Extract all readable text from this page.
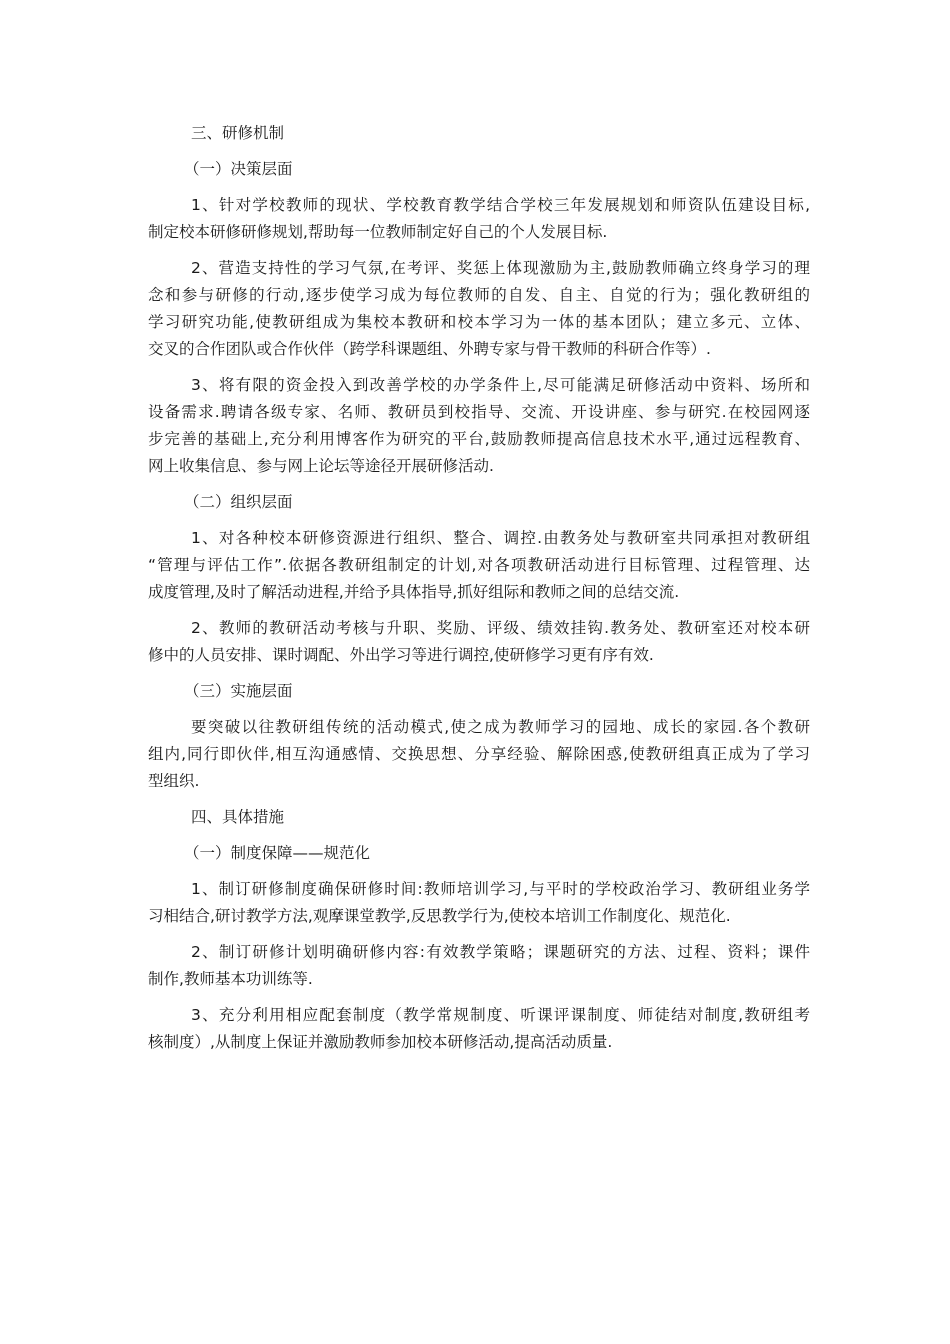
三、研修机制

（一）决策层面

1、针对学校教师的现状、学校教育教学结合学校三年发展规划和师资队伍建设目标,

制定校本研修研修规划,帮助每一位教师制定好自己的个人发展目标.

2、营造支持性的学习气氛,在考评、奖惩上体现激励为主,鼓励教师确立终身学习的理

念和参与研修的行动,逐步使学习成为每位教师的自发、自主、自觉的行为；强化教研组的

学习研究功能,使教研组成为集校本教研和校本学习为一体的基本团队；建立多元、立体、

交叉的合作团队或合作伙伴（跨学科课题组、外聘专家与骨干教师的科研合作等）.

3、将有限的资金投入到改善学校的办学条件上,尽可能满足研修活动中资料、场所和

设备需求.聘请各级专家、名师、教研员到校指导、交流、开设讲座、参与研究.在校园网逐

步完善的基础上,充分利用博客作为研究的平台,鼓励教师提高信息技术水平,通过远程教育、

网上收集信息、参与网上论坛等途径开展研修活动.

（二）组织层面

1、对各种校本研修资源进行组织、整合、调控.由教务处与教研室共同承担对教研组

“管理与评估工作”.依据各教研组制定的计划,对各项教研活动进行目标管理、过程管理、达

成度管理,及时了解活动进程,并给予具体指导,抓好组际和教师之间的总结交流.

2、教师的教研活动考核与升职、奖励、评级、绩效挂钩.教务处、教研室还对校本研

修中的人员安排、课时调配、外出学习等进行调控,使研修学习更有序有效.

（三）实施层面

要突破以往教研组传统的活动模式,使之成为教师学习的园地、成长的家园.各个教研

组内,同行即伙伴,相互沟通感情、交换思想、分享经验、解除困惑,使教研组真正成为了学习

型组织.

四、具体措施

（一）制度保障——规范化

1、制订研修制度确保研修时间:教师培训学习,与平时的学校政治学习、教研组业务学

习相结合,研讨教学方法,观摩课堂教学,反思教学行为,使校本培训工作制度化、规范化.

2、制订研修计划明确研修内容:有效教学策略；课题研究的方法、过程、资料；课件

制作,教师基本功训练等.

3、充分利用相应配套制度（教学常规制度、听课评课制度、师徒结对制度,教研组考

核制度）,从制度上保证并激励教师参加校本研修活动,提高活动质量.
